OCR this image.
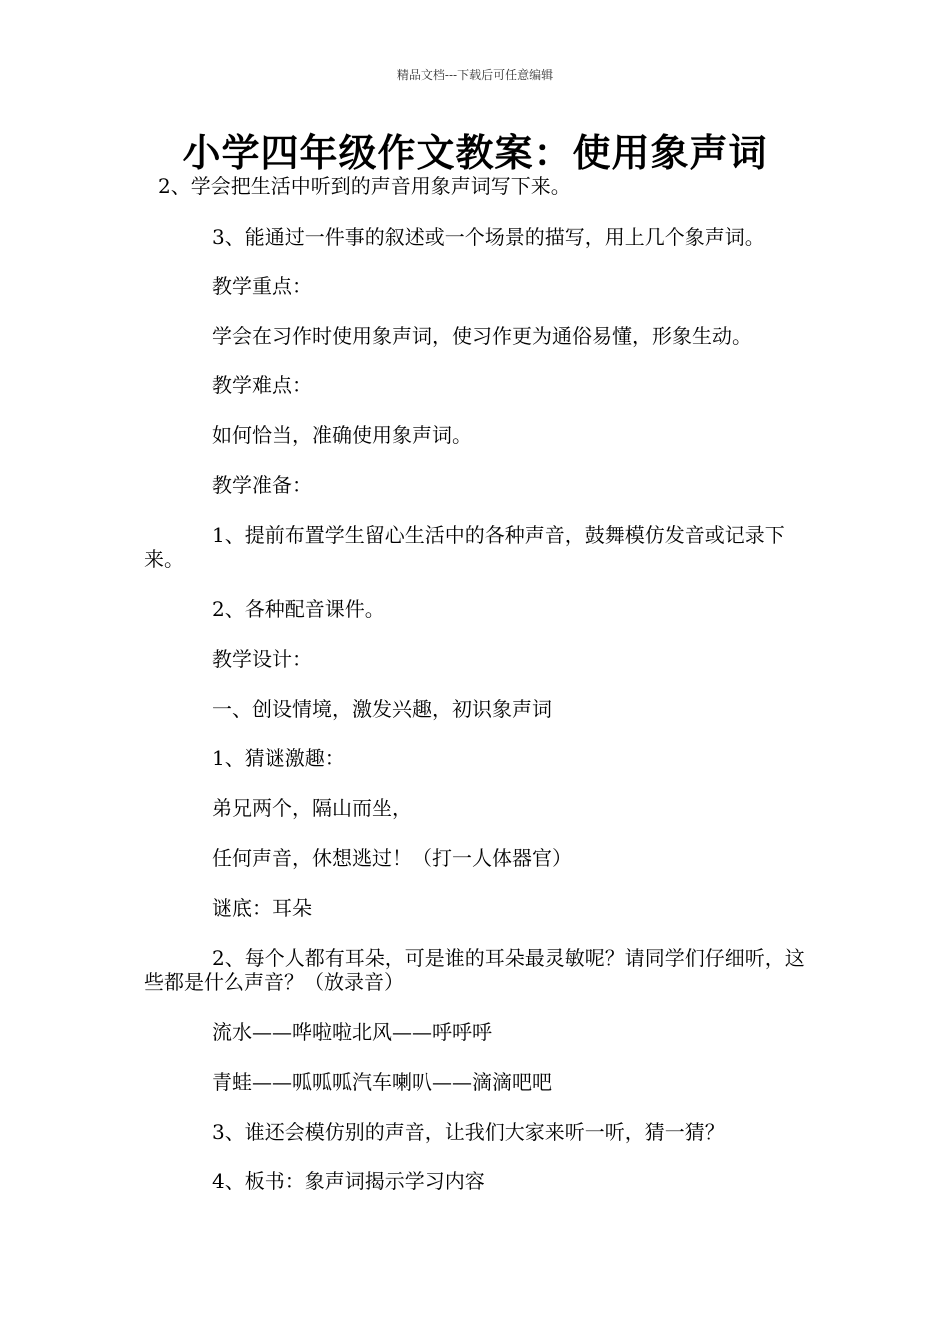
精品文档---下载后可任意编辑
小学四年级作文教案：使用象声词
2、学会把生活中听到的声音用象声词写下来。
3、能通过一件事的叙述或一个场景的描写，用上几个象声词。
教学重点：
学会在习作时使用象声词，使习作更为通俗易懂，形象生动。
教学难点：
如何恰当，准确使用象声词。
教学准备：
1、提前布置学生留心生活中的各种声音，鼓舞模仿发音或记录下来。
2、各种配音课件。
教学设计：
一、创设情境，激发兴趣，初识象声词
1、猜谜激趣：
弟兄两个，隔山而坐，
任何声音，休想逃过！（打一人体器官）
谜底：耳朵
2、每个人都有耳朵，可是谁的耳朵最灵敏呢？请同学们仔细听，这些都是什么声音？（放录音）
流水——哗啦啦北风——呼呼呼
青蛙——呱呱呱汽车喇叭——滴滴吧吧
3、谁还会模仿别的声音，让我们大家来听一听，猜一猜？
4、板书：象声词揭示学习内容
